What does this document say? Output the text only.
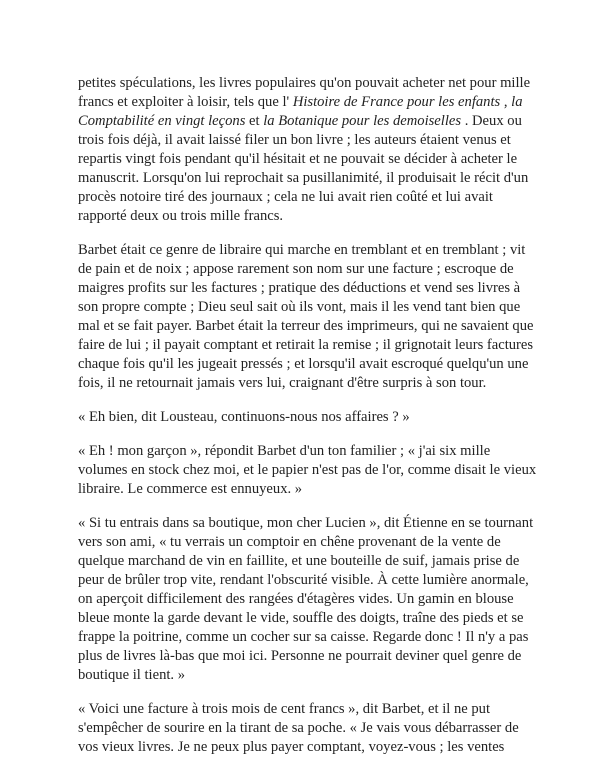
petites spéculations, les livres populaires qu'on pouvait acheter net pour mille francs et exploiter à loisir, tels que l' Histoire de France pour les enfants , la Comptabilité en vingt leçons et la Botanique pour les demoiselles . Deux ou trois fois déjà, il avait laissé filer un bon livre ; les auteurs étaient venus et repartis vingt fois pendant qu'il hésitait et ne pouvait se décider à acheter le manuscrit. Lorsqu'on lui reprochait sa pusillanimité, il produisait le récit d'un procès notoire tiré des journaux ; cela ne lui avait rien coûté et lui avait rapporté deux ou trois mille francs.

Barbet était ce genre de libraire qui marche en tremblant et en tremblant ; vit de pain et de noix ; appose rarement son nom sur une facture ; escroque de maigres profits sur les factures ; pratique des déductions et vend ses livres à son propre compte ; Dieu seul sait où ils vont, mais il les vend tant bien que mal et se fait payer. Barbet était la terreur des imprimeurs, qui ne savaient que faire de lui ; il payait comptant et retirait la remise ; il grignotait leurs factures chaque fois qu'il les jugeait pressés ; et lorsqu'il avait escroqué quelqu'un une fois, il ne retournait jamais vers lui, craignant d'être surpris à son tour.

« Eh bien, dit Lousteau, continuons-nous nos affaires ? »

« Eh ! mon garçon », répondit Barbet d'un ton familier ; « j'ai six mille volumes en stock chez moi, et le papier n'est pas de l'or, comme disait le vieux libraire. Le commerce est ennuyeux. »

« Si tu entrais dans sa boutique, mon cher Lucien », dit Étienne en se tournant vers son ami, « tu verrais un comptoir en chêne provenant de la vente de quelque marchand de vin en faillite, et une bouteille de suif, jamais prise de peur de brûler trop vite, rendant l'obscurité visible. À cette lumière anormale, on aperçoit difficilement des rangées d'étagères vides. Un gamin en blouse bleue monte la garde devant le vide, souffle des doigts, traîne des pieds et se frappe la poitrine, comme un cocher sur sa caisse. Regarde donc ! Il n'y a pas plus de livres là-bas que moi ici. Personne ne pourrait deviner quel genre de boutique il tient. »

« Voici une facture à trois mois de cent francs », dit Barbet, et il ne put s'empêcher de sourire en la tirant de sa poche. « Je vais vous débarrasser de vos vieux livres. Je ne peux plus payer comptant, voyez-vous ; les ventes
